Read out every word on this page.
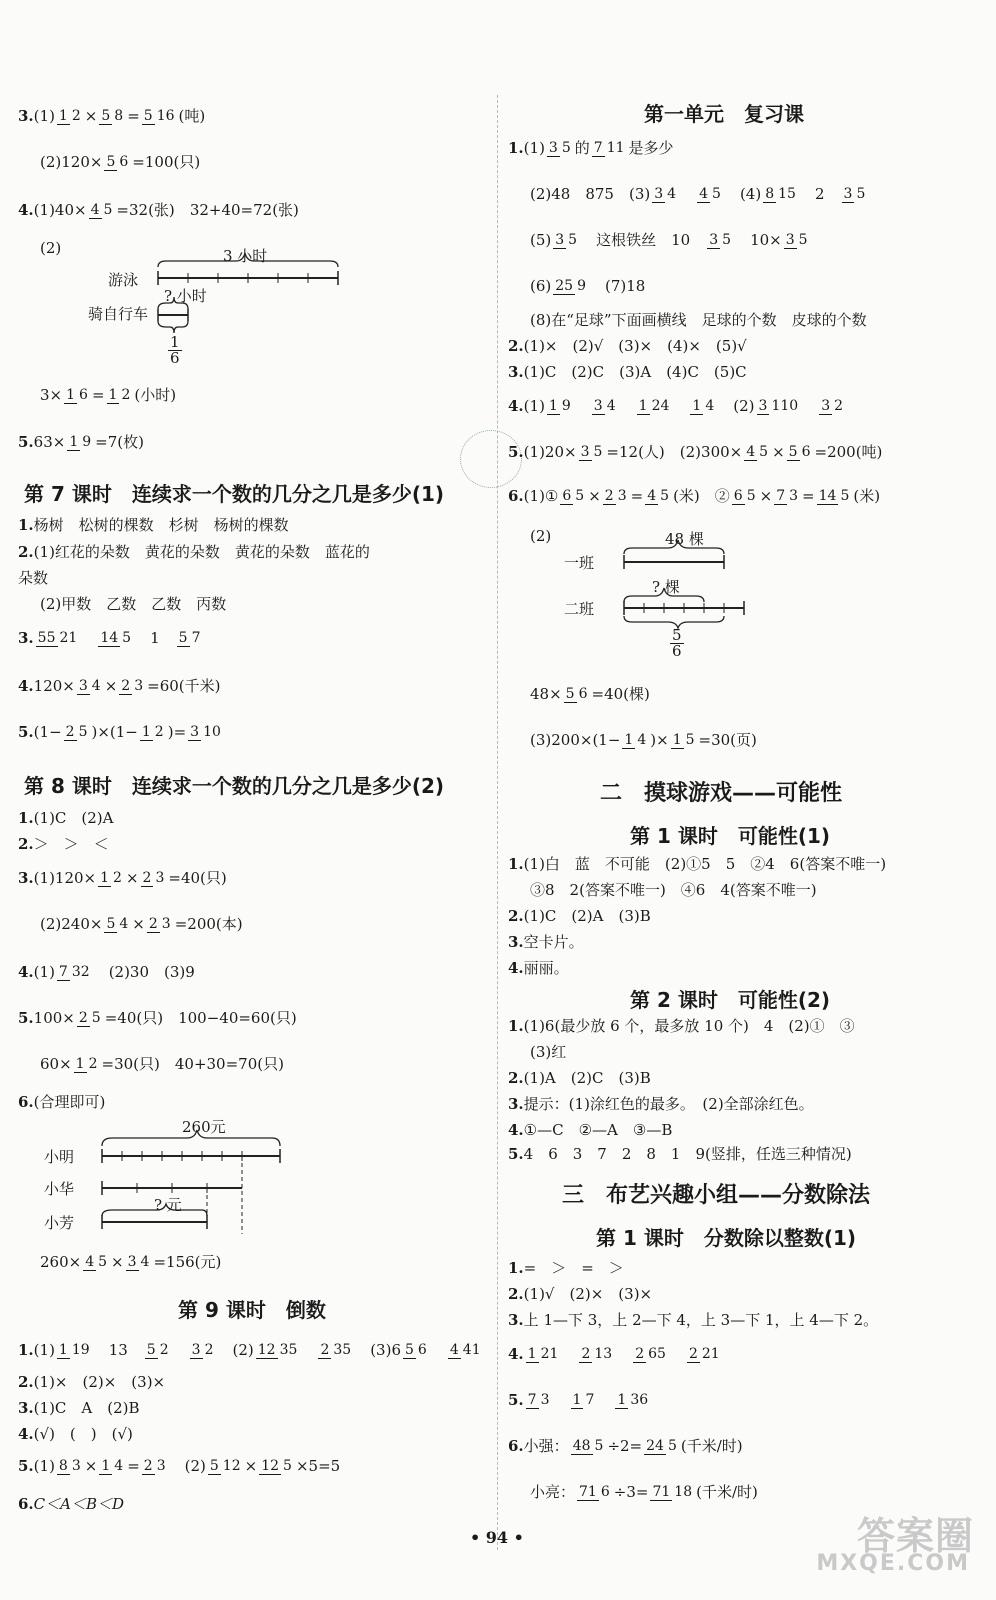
3.(1) 1 2 × 5 8 = 5 16 (吨)
(2)120× 5 6 =100(只)
4.(1)40× 4 5 =32(张)　 32+40=72(张)
(2)	3 小时
游泳
? 小时
骑自行车
1
6
3× 1 6 = 1 2 (小时)
5.63× 1 9 =7(枚)
第 7 课时　连续求一个数的几分之几是多少(1)
1.杨树　松树的棵数　杉树　杨树的棵数
2.(1)红花的朵数　黄花的朵数　黄花的朵数　蓝花的
朵数
(2)甲数　乙数　乙数　丙数
3. 55 21　 14 5　 1　 5 7
4.120× 3 4 × 2 3 =60(千米)
5.(1− 2 5 )×(1− 1 2 )= 3 10
第 8 课时　连续求一个数的几分之几是多少(2)
1.(1)C　(2)A
2.＞　＞　＜
3.(1)120× 1 2 × 2 3 =40(只)
(2)240× 5 4 × 2 3 =200(本)
4.(1) 7 32　 (2)30　(3)9
5.100× 2 5 =40(只)　100−40=60(只)
60× 1 2 =30(只)　40+30=70(只)
6.(合理即可)
260元
小明
小华
小芳
? 元
260× 4 5 × 3 4 =156(元)
第 9 课时　倒数
1.(1) 1 19　 13　 5 2　 3 2　 (2) 12 35　 2 35　 (3)6 5 6　 4 41
2.(1)×　(2)×　(3)×
3.(1)C　A　(2)B
4.(√)　(　)　(√)
5.(1) 8 3 × 1 4 = 2 3　 (2) 5 12 × 12 5 ×5=5
6.C＜A＜B＜D
第一单元　复习课
1.(1) 3 5 的 7 11 是多少
(2)48　875　(3) 3 4　 4 5　 (4) 8 15　 2　 3 5
(5) 3 5　 这根铁丝　10　 3 5　 10× 3 5
(6) 25 9　 (7)18
(8)在“足球”下面画横线　足球的个数　皮球的个数
2.(1)×　(2)√　(3)×　(4)×　(5)√
3.(1)C　(2)C　(3)A　(4)C　(5)C
4.(1) 1 9　 3 4　 1 24　 1 4　 (2) 3 110　 3 2
5.(1)20× 3 5 =12(人)　(2)300× 4 5 × 5 6 =200(吨)
6.(1)① 6 5 × 2 3 = 4 5 (米)　② 6 5 × 7 3 = 14 5 (米)
(2)	48 棵
一班
? 棵
二班
5
6
48× 5 6 =40(棵)
(3)200×(1− 1 4 )× 1 5 =30(页)
二　摸球游戏——可能性
第 1 课时　可能性(1)
1.(1)白　蓝　不可能　(2)①5　5　②4　6(答案不唯一)
③8　2(答案不唯一)　④6　4(答案不唯一)
2.(1)C　(2)A　(3)B
3.空卡片。
4.丽丽。
第 2 课时　可能性(2)
1.(1)6(最少放 6 个，最多放 10 个)　4　(2)①　③
(3)红
2.(1)A　(2)C　(3)B
3.提示：(1)涂红色的最多。　(2)全部涂红色。
4.①—C　②—A　③—B
5.4　6　3　7　2　8　1　9(竖排，任选三种情况)
三　布艺兴趣小组——分数除法
第 1 课时　分数除以整数(1)
1.=　＞　=　＞
2.(1)√　(2)×　(3)×
3.上 1—下 3，上 2—下 4，上 3—下 1，上 4—下 2。
4. 1 21　 2 13　 2 65　 2 21
5. 7 3　 1 7　 1 36
6.小强： 48 5 ÷2= 24 5 (千米/时)
小亮： 71 6 ÷3= 71 18 (千米/时)
• 94 •	答案圈
MXQE.COM
